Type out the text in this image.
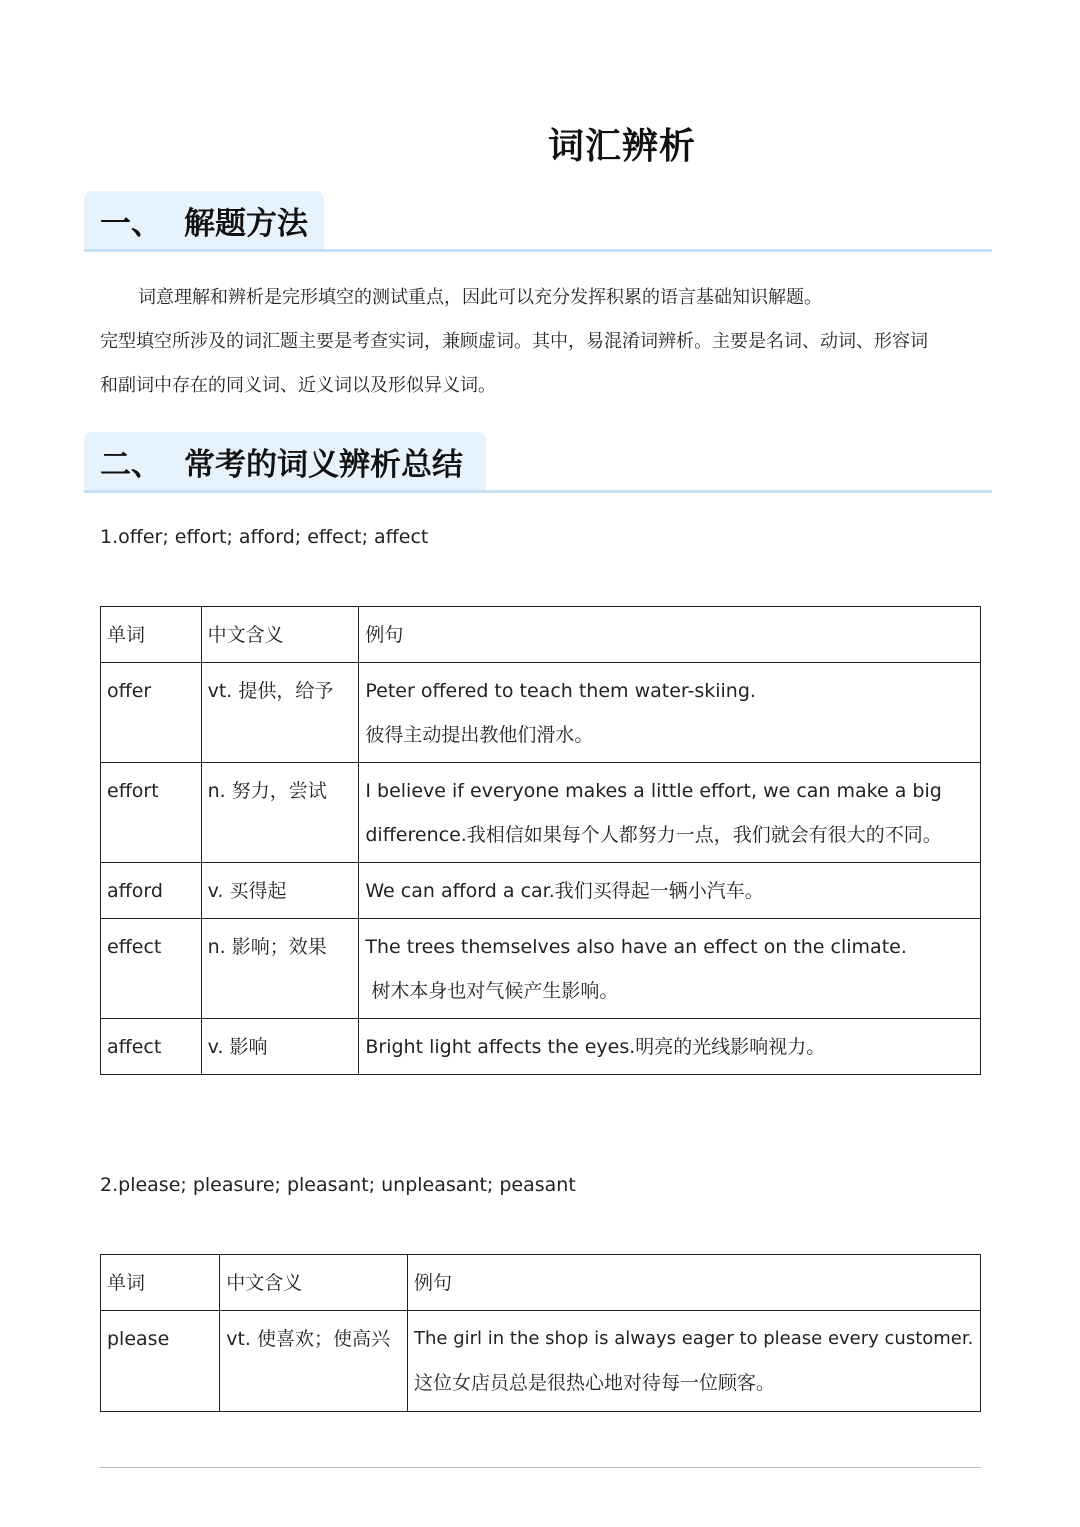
词汇辨析
一、 解题方法
词意理解和辨析是完形填空的测试重点，因此可以充分发挥积累的语言基础知识解题。
完型填空所涉及的词汇题主要是考查实词，兼顾虚词。其中，易混淆词辨析。主要是名词、动词、形容词
和副词中存在的同义词、近义词以及形似异义词。
二、 常考的词义辨析总结
1.offer; effort; afford; effect; affect
单词	中文含义	例句

offer	vt. 提供，给予	Peter offered to teach them water-skiing.
彼得主动提出教他们滑水。

effort	n. 努力，尝试	I believe if everyone makes a little effort, we can make a big
difference.我相信如果每个人都努力一点，我们就会有很大的不同。

afford	v. 买得起	We can afford a car.我们买得起一辆小汽车。

effect	n. 影响；效果	The trees themselves also have an effect on the climate.
树木本身也对气候产生影响。

affect	v. 影响	Bright light affects the eyes.明亮的光线影响视力。
2.please; pleasure; pleasant; unpleasant; peasant
单词	中文含义	例句

please	vt. 使喜欢；使高兴	The girl in the shop is always eager to please every customer.
这位女店员总是很热心地对待每一位顾客。
